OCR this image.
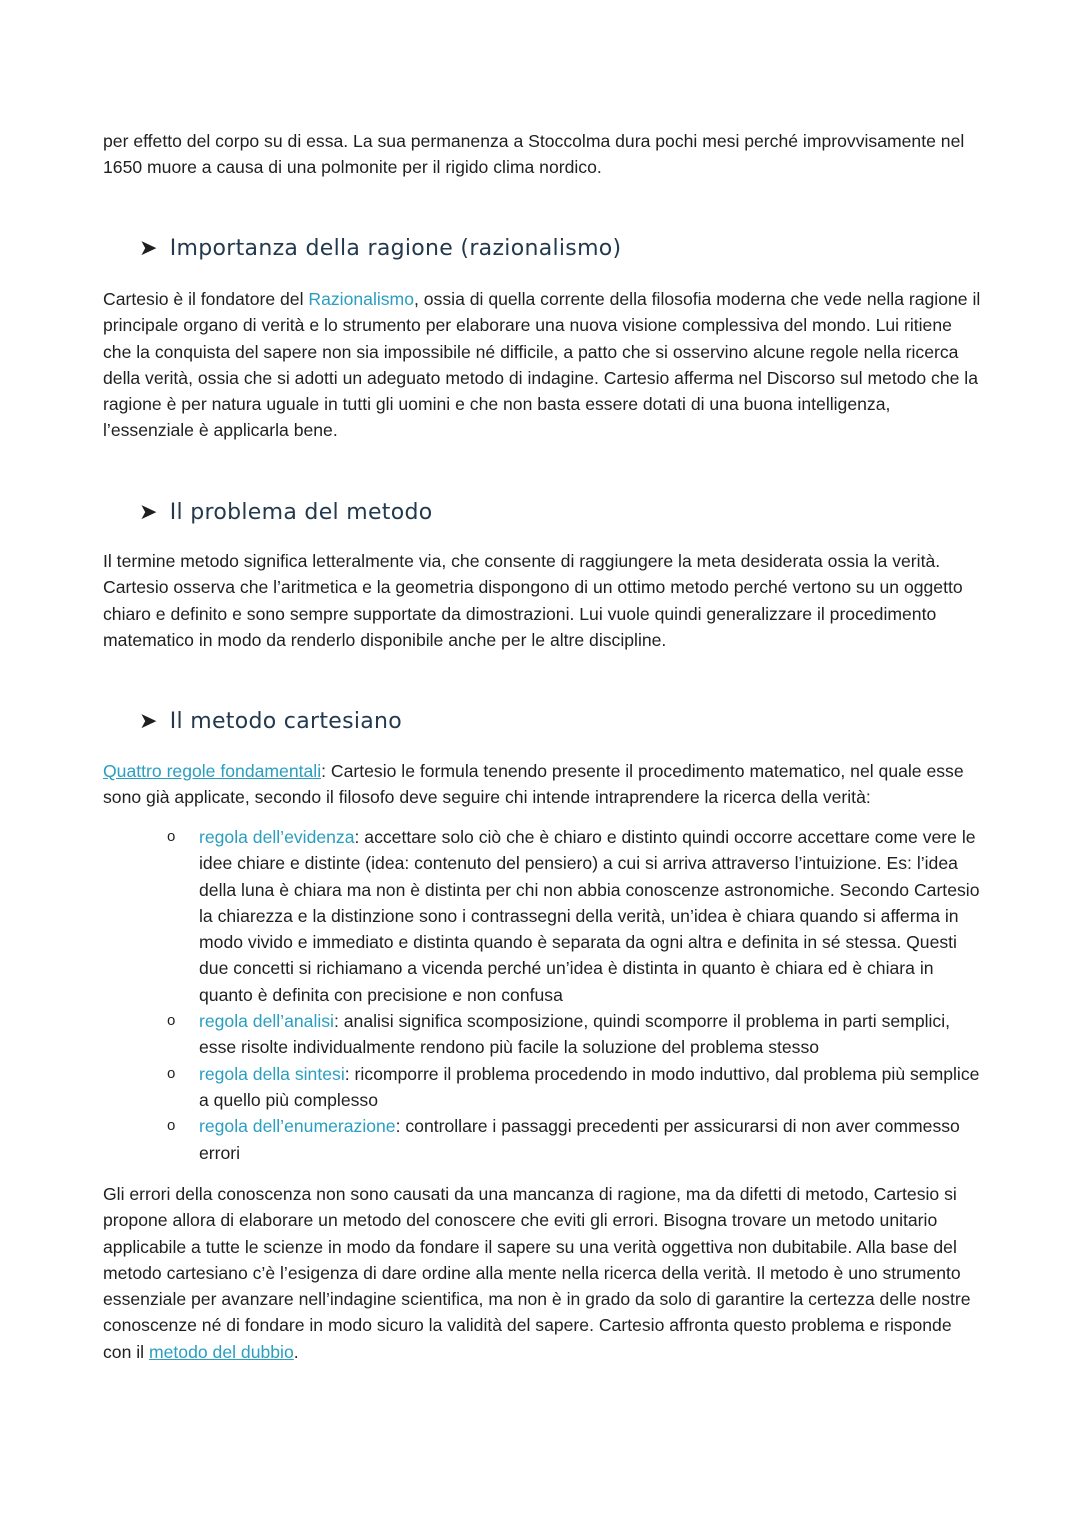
per effetto del corpo su di essa. La sua permanenza a Stoccolma dura pochi mesi perché improvvisamente nel 1650 muore a causa di una polmonite per il rigido clima nordico.

➤ Importanza della ragione (razionalismo)

Cartesio è il fondatore del Razionalismo, ossia di quella corrente della filosofia moderna che vede nella ragione il principale organo di verità e lo strumento per elaborare una nuova visione complessiva del mondo. Lui ritiene che la conquista del sapere non sia impossibile né difficile, a patto che si osservino alcune regole nella ricerca della verità, ossia che si adotti un adeguato metodo di indagine. Cartesio afferma nel Discorso sul metodo che la ragione è per natura uguale in tutti gli uomini e che non basta essere dotati di una buona intelligenza, l’essenziale è applicarla bene.

➤ Il problema del metodo

Il termine metodo significa letteralmente via, che consente di raggiungere la meta desiderata ossia la verità. Cartesio osserva che l’aritmetica e la geometria dispongono di un ottimo metodo perché vertono su un oggetto chiaro e definito e sono sempre supportate da dimostrazioni. Lui vuole quindi generalizzare il procedimento matematico in modo da renderlo disponibile anche per le altre discipline.

➤ Il metodo cartesiano

Quattro regole fondamentali: Cartesio le formula tenendo presente il procedimento matematico, nel quale esse sono già applicate, secondo il filosofo deve seguire chi intende intraprendere la ricerca della verità:

o regola dell’evidenza: accettare solo ciò che è chiaro e distinto quindi occorre accettare come vere le idee chiare e distinte (idea: contenuto del pensiero) a cui si arriva attraverso l’intuizione. Es: l’idea della luna è chiara ma non è distinta per chi non abbia conoscenze astronomiche. Secondo Cartesio la chiarezza e la distinzione sono i contrassegni della verità, un’idea è chiara quando si afferma in modo vivido e immediato e distinta quando è separata da ogni altra e definita in sé stessa. Questi due concetti si richiamano a vicenda perché un’idea è distinta in quanto è chiara ed è chiara in quanto è definita con precisione e non confusa
o regola dell’analisi: analisi significa scomposizione, quindi scomporre il problema in parti semplici, esse risolte individualmente rendono più facile la soluzione del problema stesso
o regola della sintesi: ricomporre il problema procedendo in modo induttivo, dal problema più semplice a quello più complesso
o regola dell’enumerazione: controllare i passaggi precedenti per assicurarsi di non aver commesso errori

Gli errori della conoscenza non sono causati da una mancanza di ragione, ma da difetti di metodo, Cartesio si propone allora di elaborare un metodo del conoscere che eviti gli errori. Bisogna trovare un metodo unitario applicabile a tutte le scienze in modo da fondare il sapere su una verità oggettiva non dubitabile. Alla base del metodo cartesiano c’è l’esigenza di dare ordine alla mente nella ricerca della verità. Il metodo è uno strumento essenziale per avanzare nell’indagine scientifica, ma non è in grado da solo di garantire la certezza delle nostre conoscenze né di fondare in modo sicuro la validità del sapere. Cartesio affronta questo problema e risponde con il metodo del dubbio.
